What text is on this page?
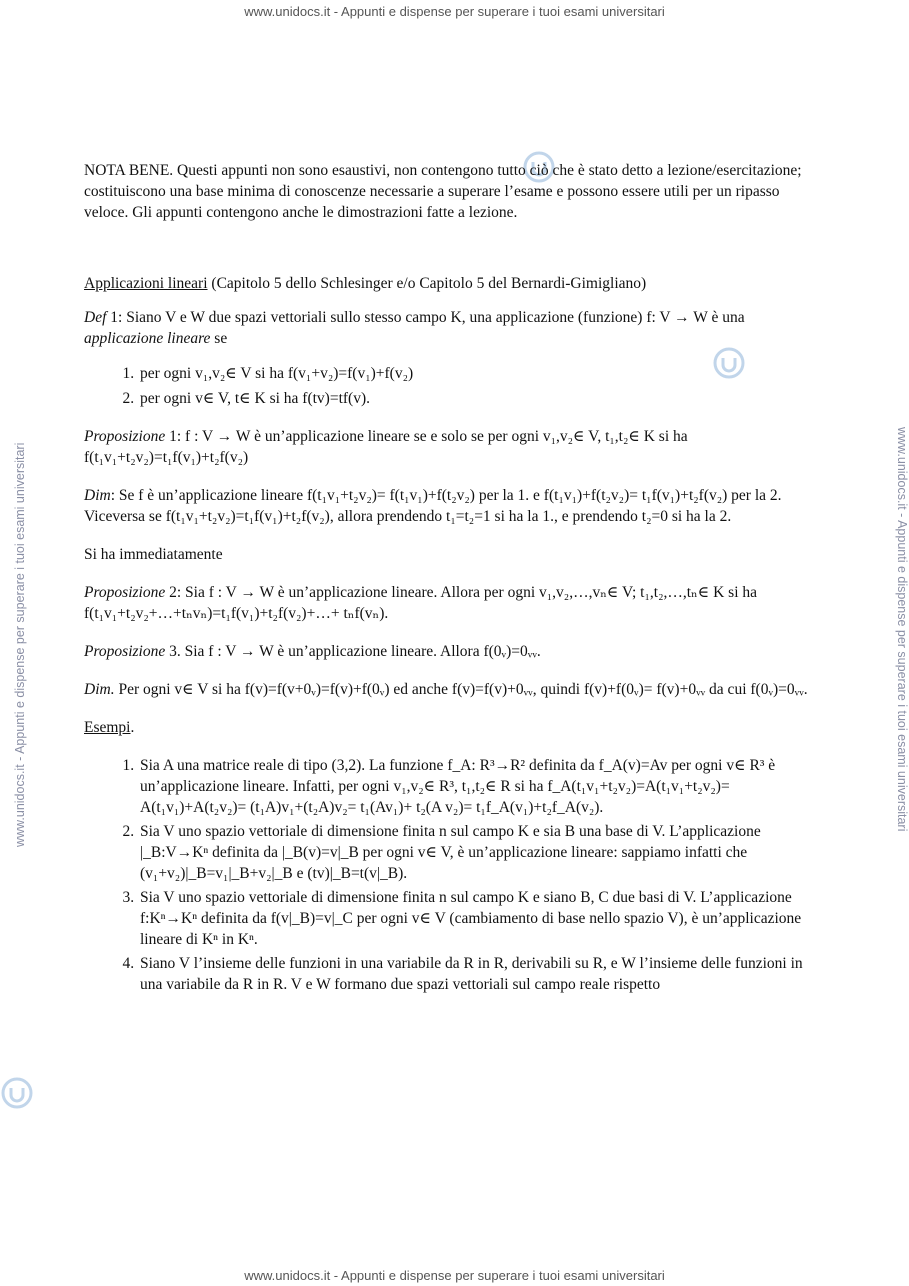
www.unidocs.it - Appunti e dispense per superare i tuoi esami universitari
www.unidocs.it - Appunti e dispense per superare i tuoi esami universitari
www.unidocs.it - Appunti e dispense per superare i tuoi esami universitari	www.unidocs.it - Appunti e dispense per superare i tuoi esami universitari

NOTA BENE. Questi appunti non sono esaustivi, non contengono tutto ciò che è stato detto a lezione/esercitazione; costituiscono una base minima di conoscenze necessarie a superare l’esame e possono essere utili per un ripasso veloce. Gli appunti contengono anche le dimostrazioni fatte a lezione.

Applicazioni lineari (Capitolo 5 dello Schlesinger e/o Capitolo 5 del Bernardi-Gimigliano)

Def 1: Siano V e W due spazi vettoriali sullo stesso campo K, una applicazione (funzione) f: V → W è una applicazione lineare se

1. per ogni v₁,v₂∈ V si ha f(v₁+v₂)=f(v₁)+f(v₂)
2. per ogni v∈ V, t∈ K si ha f(tv)=tf(v).

Proposizione 1: f : V → W è un’applicazione lineare se e solo se per ogni v₁,v₂∈ V, t₁,t₂∈ K si ha f(t₁v₁+t₂v₂)=t₁f(v₁)+t₂f(v₂)

Dim: Se f è un’applicazione lineare f(t₁v₁+t₂v₂)= f(t₁v₁)+f(t₂v₂) per la 1. e f(t₁v₁)+f(t₂v₂)= t₁f(v₁)+t₂f(v₂) per la 2. Viceversa se f(t₁v₁+t₂v₂)=t₁f(v₁)+t₂f(v₂), allora prendendo t₁=t₂=1 si ha la 1., e prendendo t₂=0 si ha la 2.

Si ha immediatamente

Proposizione 2: Sia f : V → W è un’applicazione lineare. Allora per ogni v₁,v₂,…,vₙ∈ V; t₁,t₂,…,tₙ∈ K si ha f(t₁v₁+t₂v₂+…+tₙvₙ)=t₁f(v₁)+t₂f(v₂)+…+ tₙf(vₙ).

Proposizione 3. Sia f : V → W è un’applicazione lineare. Allora f(0ᵥ)=0ᵥᵥ.

Dim. Per ogni v∈ V si ha f(v)=f(v+0ᵥ)=f(v)+f(0ᵥ) ed anche f(v)=f(v)+0ᵥᵥ, quindi f(v)+f(0ᵥ)= f(v)+0ᵥᵥ da cui f(0ᵥ)=0ᵥᵥ.

Esempi.

1. Sia A una matrice reale di tipo (3,2). La funzione f_A: R³→R² definita da f_A(v)=Av per ogni v∈ R³ è un’applicazione lineare. Infatti, per ogni v₁,v₂∈ R³, t₁,t₂∈ R si ha f_A(t₁v₁+t₂v₂)=A(t₁v₁+t₂v₂)= A(t₁v₁)+A(t₂v₂)= (t₁A)v₁+(t₂A)v₂= t₁(Av₁)+ t₂(A v₂)= t₁f_A(v₁)+t₂f_A(v₂).
2. Sia V uno spazio vettoriale di dimensione finita n sul campo K e sia B una base di V. L’applicazione |_B:V→Kⁿ definita da |_B(v)=v|_B per ogni v∈ V, è un’applicazione lineare: sappiamo infatti che (v₁+v₂)|_B=v₁|_B+v₂|_B e (tv)|_B=t(v|_B).
3. Sia V uno spazio vettoriale di dimensione finita n sul campo K e siano B, C due basi di V. L’applicazione f:Kⁿ→Kⁿ definita da f(v|_B)=v|_C per ogni v∈ V (cambiamento di base nello spazio V), è un’applicazione lineare di Kⁿ in Kⁿ.
4. Siano V l’insieme delle funzioni in una variabile da R in R, derivabili su R, e W l’insieme delle funzioni in una variabile da R in R. V e W formano due spazi vettoriali sul campo reale rispetto
